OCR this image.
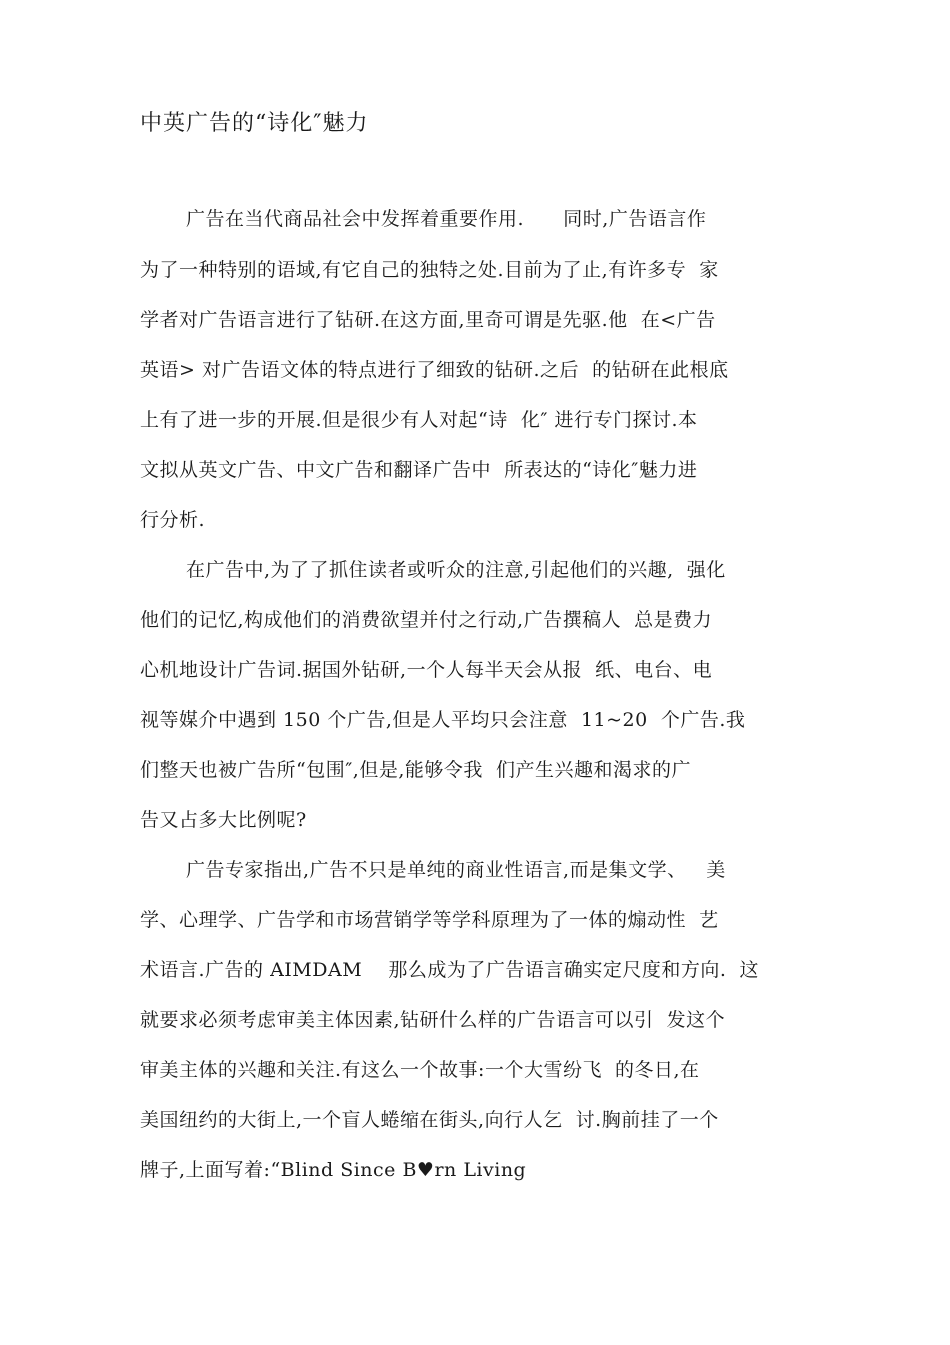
中英广告的“诗化″魅力
广告在当代商品社会中发挥着重要作用.      同时,广告语言作
为了一种特别的语域,有它自己的独特之处.目前为了止,有许多专  家
学者对广告语言进行了钻研.在这方面,里奇可谓是先驱.他  在<广告
英语> 对广告语文体的特点进行了细致的钻研.之后  的钻研在此根底
上有了进一步的开展.但是很少有人对起“诗  化″ 进行专门探讨.本
文拟从英文广告、中文广告和翻译广告中  所表达的“诗化″魅力进
行分析.
在广告中,为了了抓住读者或听众的注意,引起他们的兴趣,  强化
他们的记忆,构成他们的消费欲望并付之行动,广告撰稿人  总是费力
心机地设计广告词.据国外钻研,一个人每半天会从报  纸、电台、电
视等媒介中遇到 150 个广告,但是人平均只会注意  11~20  个广告.我
们整天也被广告所“包围″,但是,能够令我  们产生兴趣和渴求的广
告又占多大比例呢?
广告专家指出,广告不只是单纯的商业性语言,而是集文学、   美
学、心理学、广告学和市场营销学等学科原理为了一体的煽动性  艺
术语言.广告的 AIMDAM    那么成为了广告语言确实定尺度和方向.  这
就要求必须考虑审美主体因素,钻研什么样的广告语言可以引  发这个
审美主体的兴趣和关注.有这么一个故事:一个大雪纷飞  的冬日,在
美国纽约的大街上,一个盲人蜷缩在街头,向行人乞  讨.胸前挂了一个
牌子,上面写着:“Blind Since B♥rn Living
